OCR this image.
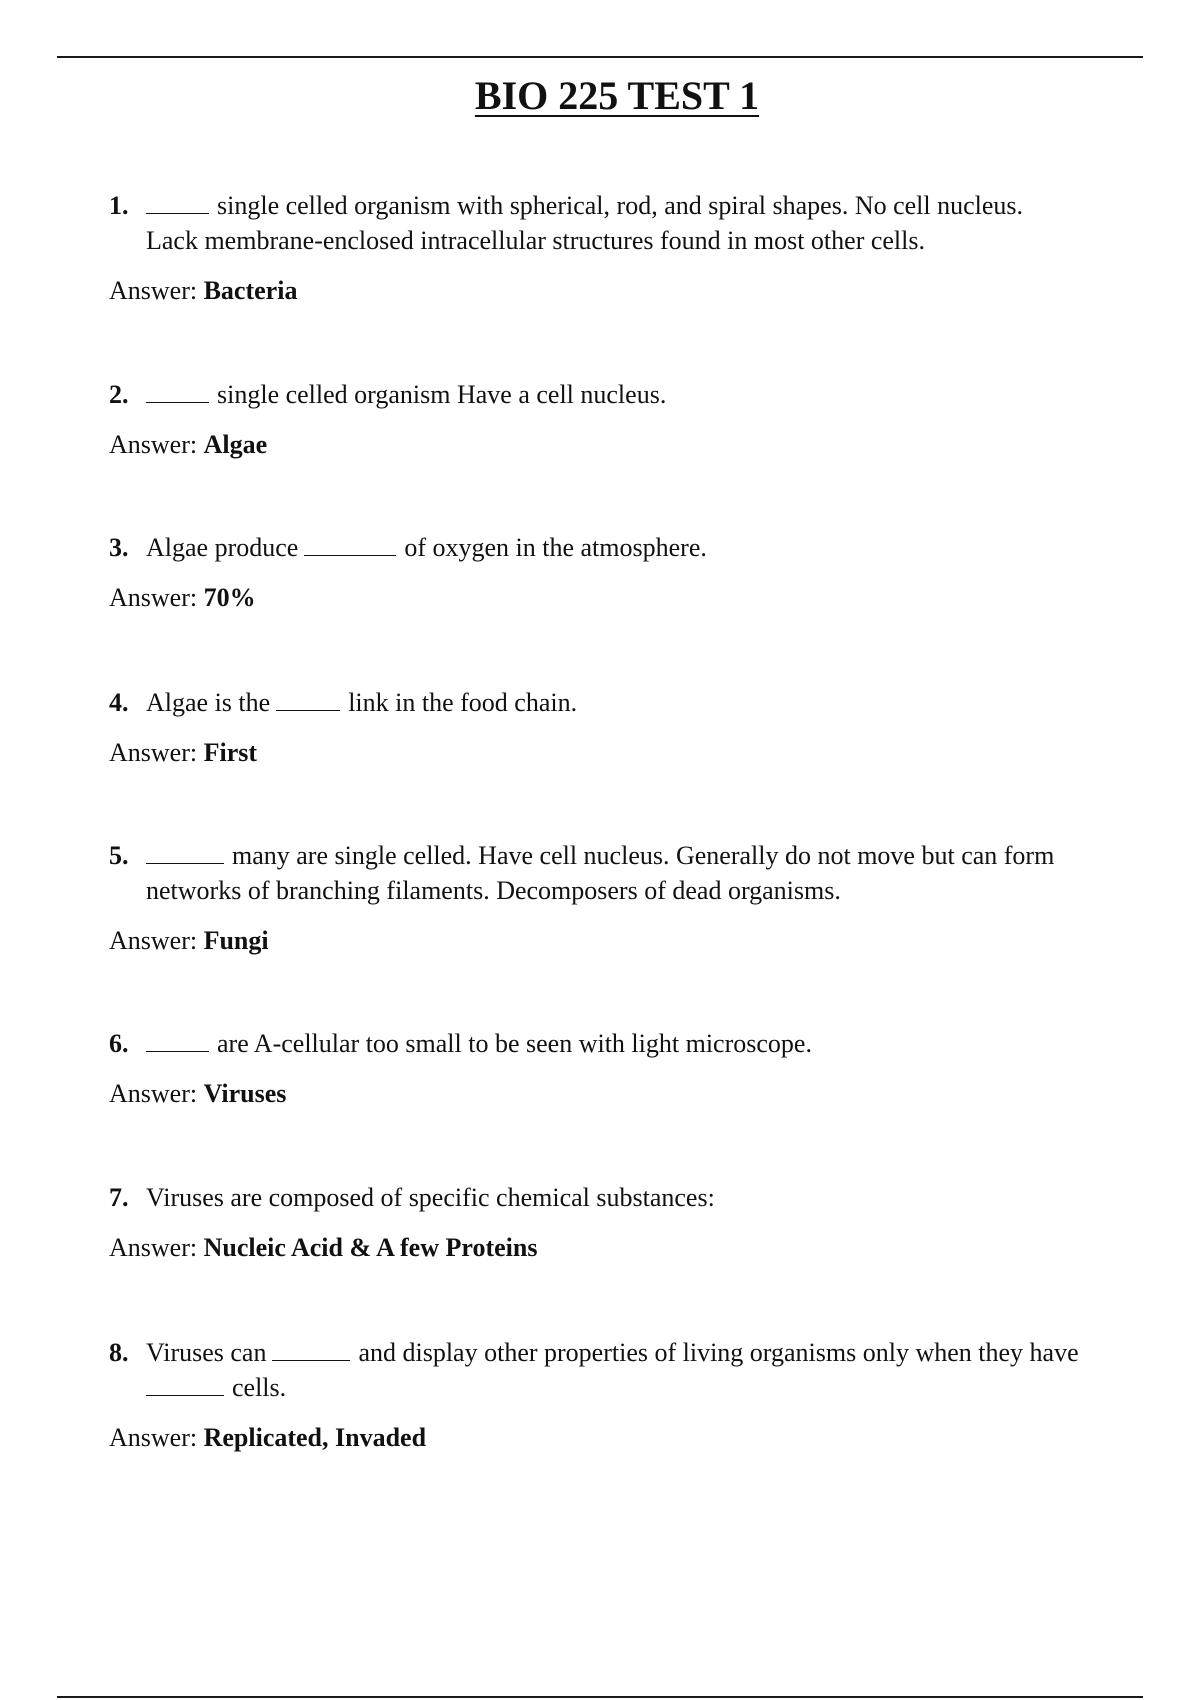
BIO 225 TEST 1
1.	single celled organism with spherical, rod, and spiral shapes. No cell nucleus.
Lack membrane-enclosed intracellular structures found in most other cells.
Answer: Bacteria
2.	single celled organism Have a cell nucleus.
Answer: Algae
3. Algae produce	of oxygen in the atmosphere.
Answer: 70%
4. Algae is the	link in the food chain.
Answer: First
5.	many are single celled. Have cell nucleus. Generally do not move but can form
networks of branching filaments. Decomposers of dead organisms.
Answer: Fungi
6.	are A-cellular too small to be seen with light microscope.
Answer: Viruses
7. Viruses are composed of specific chemical substances:
Answer: Nucleic Acid & A few Proteins
8. Viruses can	and display other properties of living organisms only when they have
cells.
Answer: Replicated, Invaded
